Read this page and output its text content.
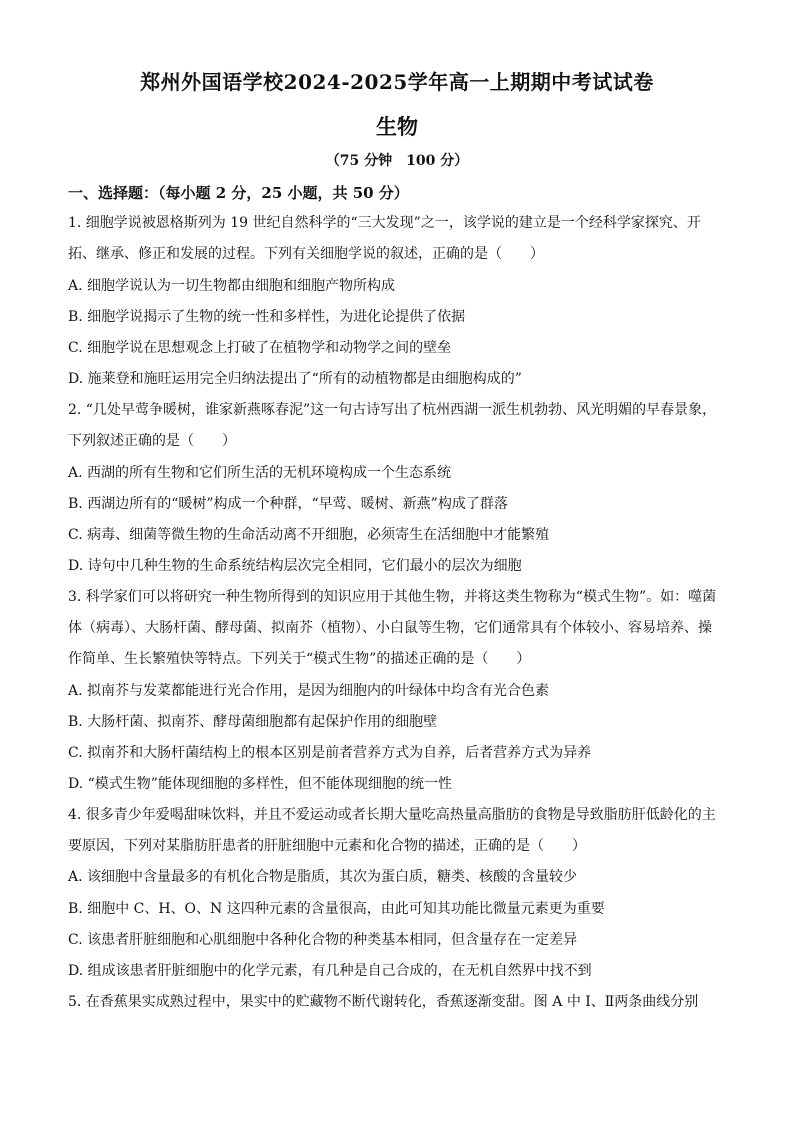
郑州外国语学校2024-2025学年高一上期期中考试试卷
生物
（75 分钟　100 分）
一、选择题：（每小题 2 分，25 小题，共 50 分）
1. 细胞学说被恩格斯列为 19 世纪自然科学的“三大发现”之一，该学说的建立是一个经科学家探究、开
拓、继承、修正和发展的过程。下列有关细胞学说的叙述，正确的是（　　）
A. 细胞学说认为一切生物都由细胞和细胞产物所构成
B. 细胞学说揭示了生物的统一性和多样性，为进化论提供了依据
C. 细胞学说在思想观念上打破了在植物学和动物学之间的壁垒
D. 施莱登和施旺运用完全归纳法提出了“所有的动植物都是由细胞构成的”
2. “几处早莺争暖树，谁家新燕啄春泥”这一句古诗写出了杭州西湖一派生机勃勃、风光明媚的早春景象，
下列叙述正确的是（　　）
A. 西湖的所有生物和它们所生活的无机环境构成一个生态系统
B. 西湖边所有的“暖树”构成一个种群，“早莺、暖树、新燕”构成了群落
C. 病毒、细菌等微生物的生命活动离不开细胞，必须寄生在活细胞中才能繁殖
D. 诗句中几种生物的生命系统结构层次完全相同，它们最小的层次为细胞
3. 科学家们可以将研究一种生物所得到的知识应用于其他生物，并将这类生物称为“模式生物”。如：噬菌
体（病毒）、大肠杆菌、酵母菌、拟南芥（植物）、小白鼠等生物，它们通常具有个体较小、容易培养、操
作简单、生长繁殖快等特点。下列关于“模式生物”的描述正确的是（　　）
A. 拟南芥与发菜都能进行光合作用，是因为细胞内的叶绿体中均含有光合色素
B. 大肠杆菌、拟南芥、酵母菌细胞都有起保护作用的细胞壁
C. 拟南芥和大肠杆菌结构上的根本区别是前者营养方式为自养，后者营养方式为异养
D. “模式生物”能体现细胞的多样性，但不能体现细胞的统一性
4. 很多青少年爱喝甜味饮料，并且不爱运动或者长期大量吃高热量高脂肪的食物是导致脂肪肝低龄化的主
要原因，下列对某脂肪肝患者的肝脏细胞中元素和化合物的描述，正确的是（　　）
A. 该细胞中含量最多的有机化合物是脂质，其次为蛋白质，糖类、核酸的含量较少
B. 细胞中 C、H、O、N 这四种元素的含量很高，由此可知其功能比微量元素更为重要
C. 该患者肝脏细胞和心肌细胞中各种化合物的种类基本相同，但含量存在一定差异
D. 组成该患者肝脏细胞中的化学元素，有几种是自己合成的，在无机自然界中找不到
5. 在香蕉果实成熟过程中，果实中的贮藏物不断代谢转化，香蕉逐渐变甜。图 A 中 Ⅰ、Ⅱ两条曲线分别
